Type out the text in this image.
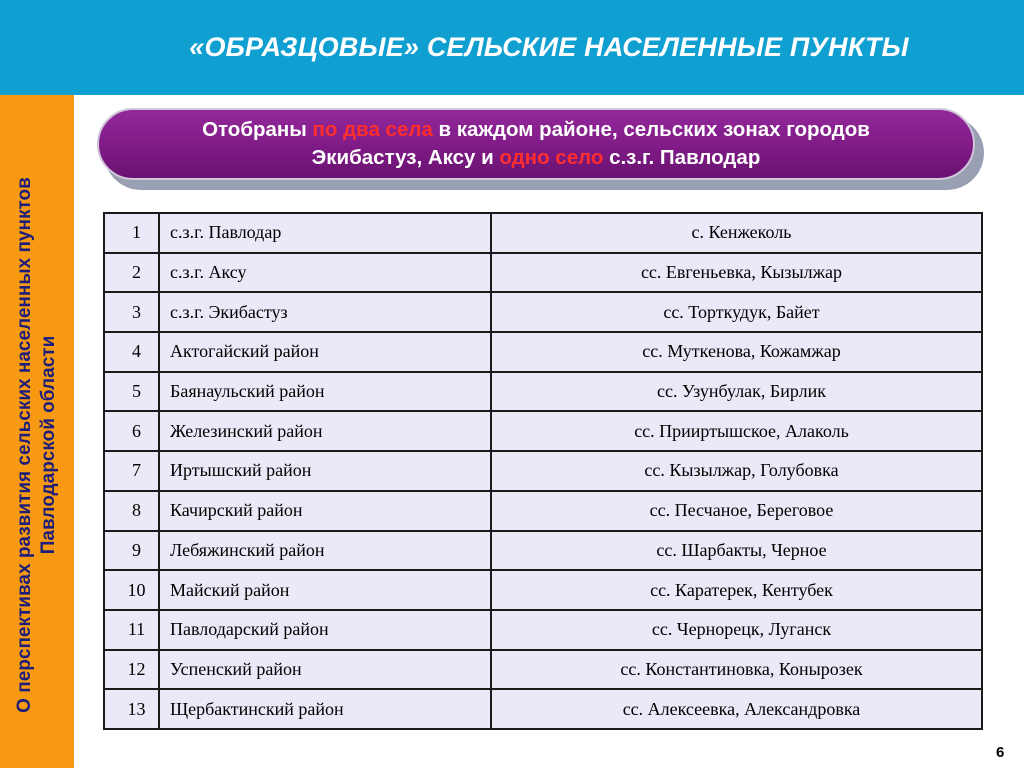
«ОБРАЗЦОВЫЕ» СЕЛЬСКИЕ НАСЕЛЕННЫЕ ПУНКТЫ
О перспективах развития сельских населенных пунктов Павлодарской области
Отобраны по два села в каждом районе, сельских зонах городов
Экибастуз, Аксу и одно село с.з.г. Павлодар
1	с.з.г. Павлодар	с. Кенжеколь
2	с.з.г. Аксу	сс. Евгеньевка, Кызылжар
3	с.з.г. Экибастуз	сс. Торткудук, Байет
4	Актогайский район	сс. Муткенова, Кожамжар
5	Баянаульский район	сс. Узунбулак, Бирлик
6	Железинский район	сс. Прииртышское, Алаколь
7	Иртышский район	сс. Кызылжар, Голубовка
8	Качирский район	сс. Песчаное, Береговое
9	Лебяжинский район	сс. Шарбакты, Черное
10	Майский район	сс. Каратерек, Кентубек
11	Павлодарский район	сс. Чернорецк, Луганск
12	Успенский район	сс. Константиновка, Конырозек
13	Щербактинский район	сс. Алексеевка, Александровка
6
